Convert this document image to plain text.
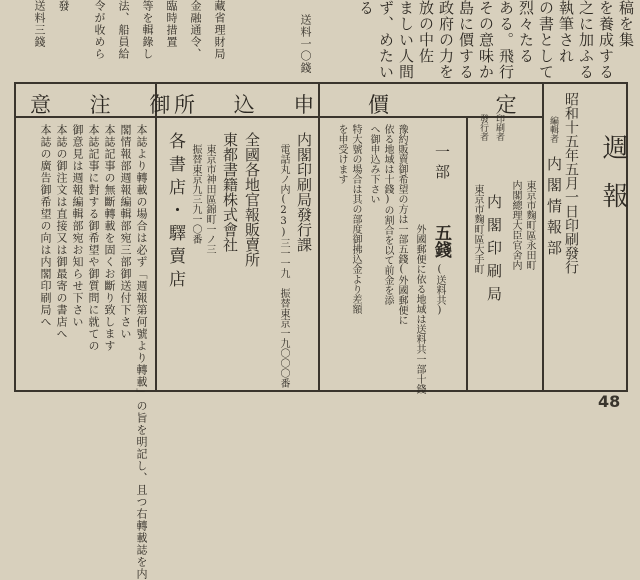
稿を集
を養成する
之に加ふる
執筆され
の書として
烈々たる
ある。飛行
その意味か
島に價する
政府の力を
放の中佐
ましい人間
ず、めたい
る
送料一〇錢
藏省理財局
金融通令、
臨時措置
等を輯錄し
法、船員給
令が收めら
發
送料三錢
意 注 御
本誌より轉載の場合は必ず「週報第何號より轉載」の旨を明記し、且つ右轉載誌を内
閣情報部週報編輯部宛三部御送付下さい
本誌記事の無斷轉載を固くお斷り致します
本誌記事に對する御希望や御質問に就ての
御意見は週報編輯部宛お知らせ下さい
本誌の御注文は直接又は御最寄の書店へ
本誌の廣告御希望の向は内閣印刷局へ
所 込 申
内閣印刷局發行課
電話丸ノ内(23)三一一九　振替東京一九〇〇〇番
全國各地官報販賣所
東都書籍株式會社
東京市神田區錦町一ノ三
振替東京九三九一〇番
各書店・驛賣店
價 定
一部
五錢
(送料共)
外國郵便に依る地域は送料共一部十錢
豫約販賣御希望の方は一部五錢(外國郵便に
依る地域は十錢)の割合を以て前金を添
へ御申込み下さい
特大號の場合は其の部度御拂込金より差額
を申受けます	週報
昭和十五年五月一日印刷發行
編輯者
内閣情報部
東京市麴町區永田町
内閣總理大臣官舍内
印刷者
發行者
内閣印刷局
東京市麴町區大手町
48
